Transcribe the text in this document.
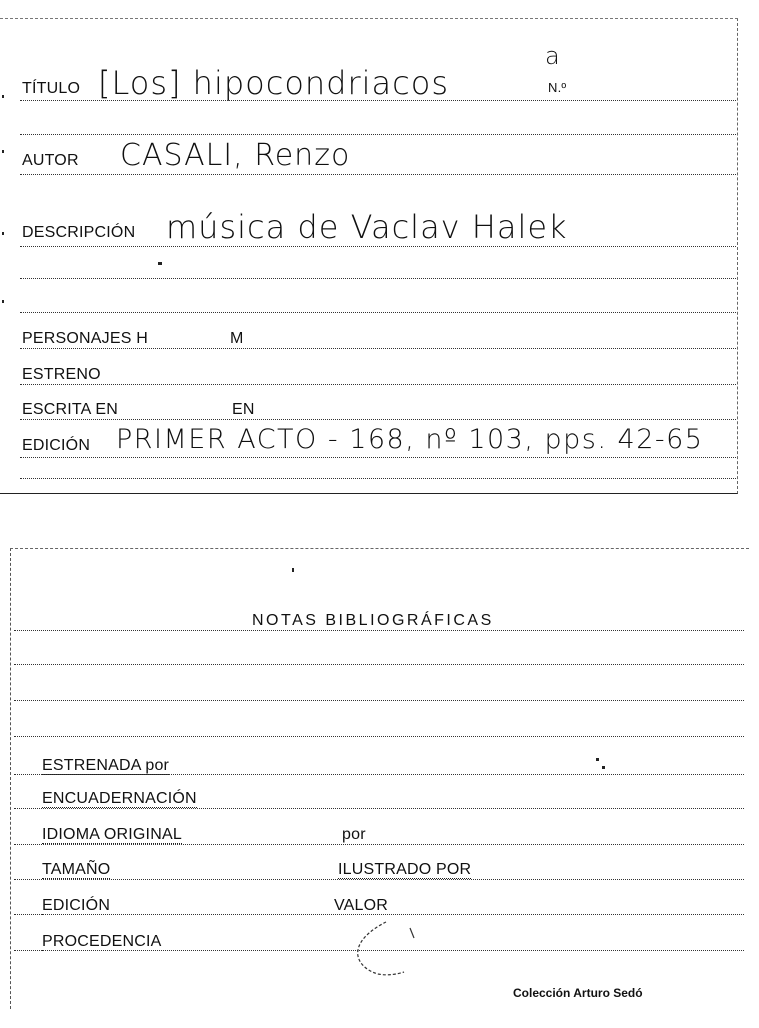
TÍTULO [Los] hipocondriacos	N.º
a
AUTOR CASALI, Renzo
DESCRIPCIÓN música de Vaclav Halek
PERSONAJES H	M
ESTRENO
ESCRITA EN	EN
EDICIÓN PRIMER ACTO - 168, nº 103, pps. 42-65
NOTAS BIBLIOGRÁFICAS
ESTRENADA por
ENCUADERNACIÓN
IDIOMA ORIGINAL	por
TAMAÑO	ILUSTRADO POR
EDICIÓN	VALOR
PROCEDENCIA
Colección Arturo Sedó
